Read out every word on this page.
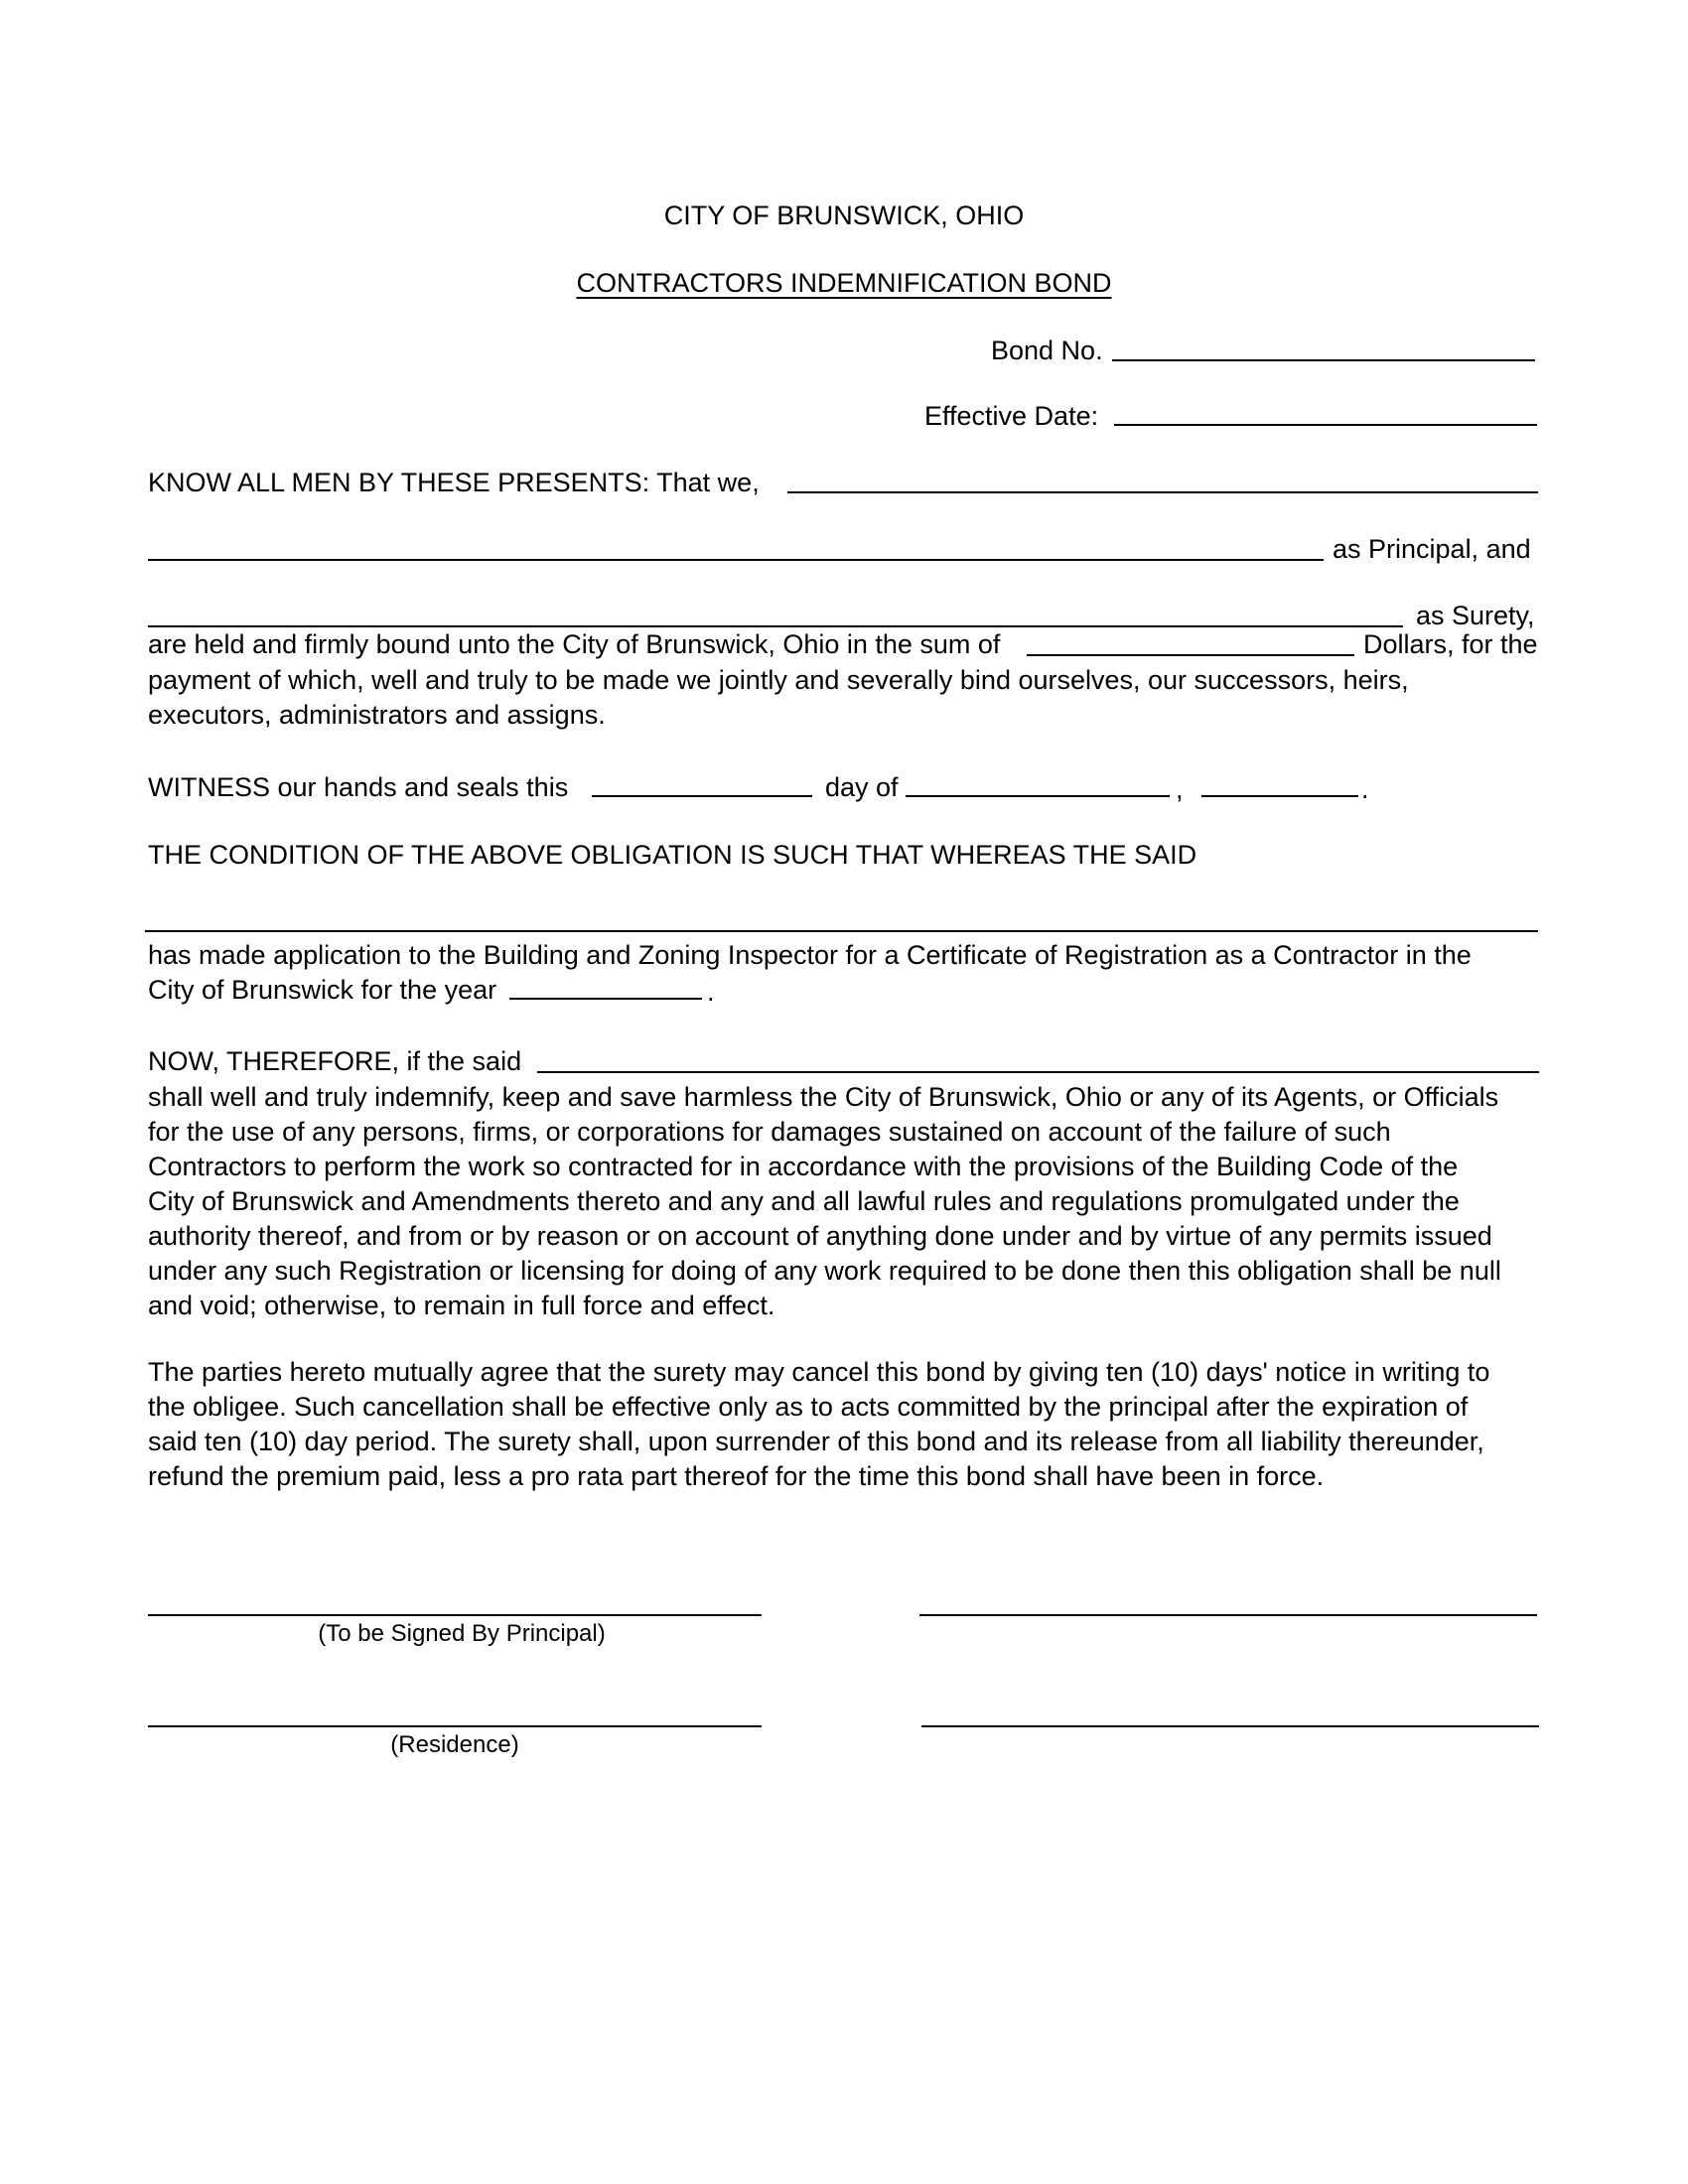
CITY OF BRUNSWICK, OHIO
CONTRACTORS INDEMNIFICATION BOND
Bond No.
Effective Date:
KNOW ALL MEN BY THESE PRESENTS: That we,
as Principal, and
as Surety,
are held and firmly bound unto the City of Brunswick, Ohio in the sum of	Dollars, for the
payment of which, well and truly to be made we jointly and severally bind ourselves, our successors, heirs,
executors, administrators and assigns.
WITNESS our hands and seals this	day of	,	.
THE CONDITION OF THE ABOVE OBLIGATION IS SUCH THAT WHEREAS THE SAID
has made application to the Building and Zoning Inspector for a Certificate of Registration as a Contractor in the
City of Brunswick for the year	.
NOW, THEREFORE, if the said
shall well and truly indemnify, keep and save harmless the City of Brunswick, Ohio or any of its Agents, or Officials
for the use of any persons, firms, or corporations for damages sustained on account of the failure of such
Contractors to perform the work so contracted for in accordance with the provisions of the Building Code of the
City of Brunswick and Amendments thereto and any and all lawful rules and regulations promulgated under the
authority thereof, and from or by reason or on account of anything done under and by virtue of any permits issued
under any such Registration or licensing for doing of any work required to be done then this obligation shall be null
and void; otherwise, to remain in full force and effect.
The parties hereto mutually agree that the surety may cancel this bond by giving ten (10) days' notice in writing to
the obligee. Such cancellation shall be effective only as to acts committed by the principal after the expiration of
said ten (10) day period. The surety shall, upon surrender of this bond and its release from all liability thereunder,
refund the premium paid, less a pro rata part thereof for the time this bond shall have been in force.
(To be Signed By Principal)
(Residence)
